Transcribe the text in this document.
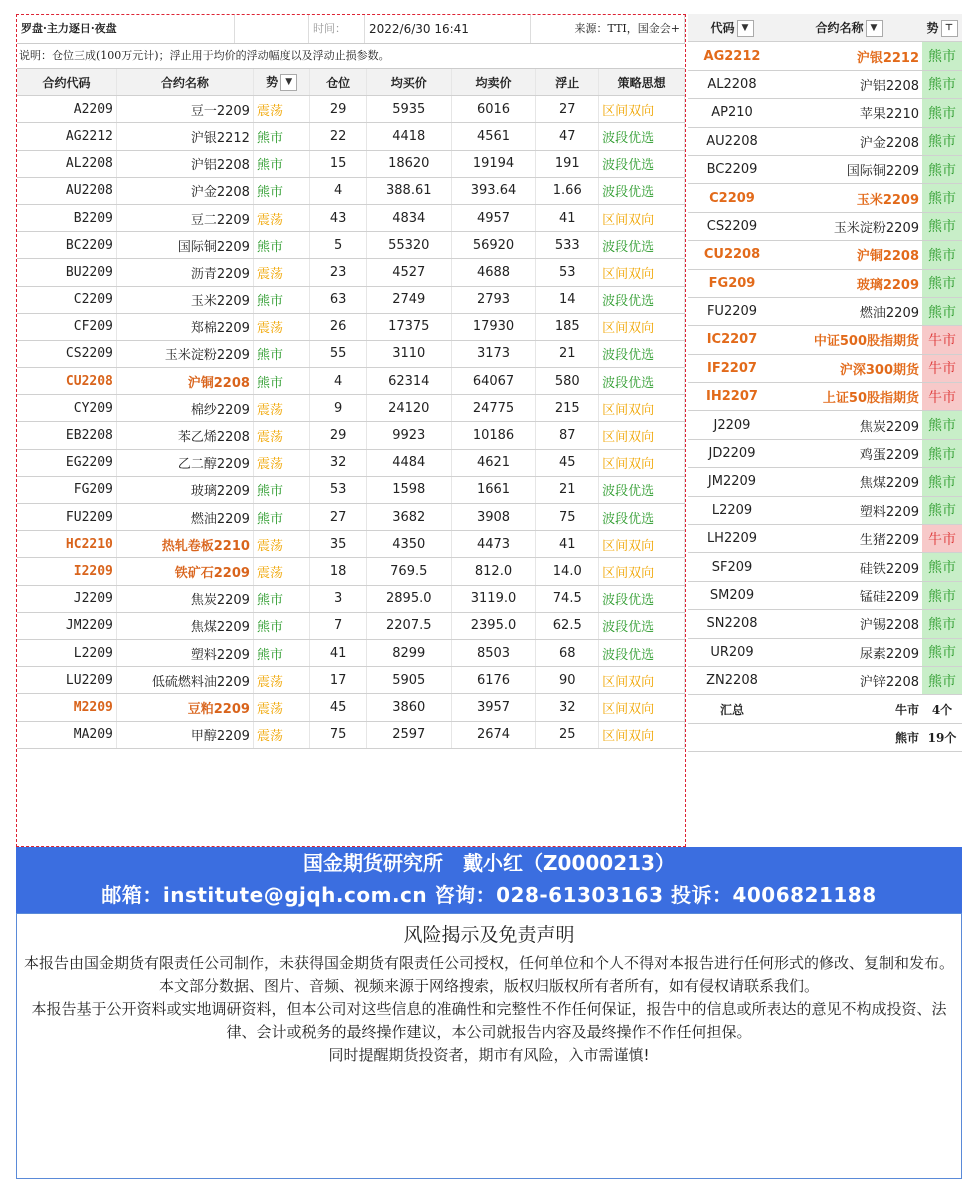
罗盘·主力逐日·夜盘	时间：	2022/6/30 16:41	来源：TTI，国金会+
说明：仓位三成(100万元计)；浮止用于均价的浮动幅度以及浮动止损参数。
合约代码	合约名称	势 ▼	仓位	均买价	均卖价	浮止	策略思想
A2209	豆一2209	震荡	29	5935	6016	27	区间双向
AG2212	沪银2212	熊市	22	4418	4561	47	波段优选
AL2208	沪铝2208	熊市	15	18620	19194	191	波段优选
AU2208	沪金2208	熊市	4	388.61	393.64	1.66	波段优选
B2209	豆二2209	震荡	43	4834	4957	41	区间双向
BC2209	国际铜2209	熊市	5	55320	56920	533	波段优选
BU2209	沥青2209	震荡	23	4527	4688	53	区间双向
C2209	玉米2209	熊市	63	2749	2793	14	波段优选
CF209	郑棉2209	震荡	26	17375	17930	185	区间双向
CS2209	玉米淀粉2209	熊市	55	3110	3173	21	波段优选
CU2208	沪铜2208	熊市	4	62314	64067	580	波段优选
CY209	棉纱2209	震荡	9	24120	24775	215	区间双向
EB2208	苯乙烯2208	震荡	29	9923	10186	87	区间双向
EG2209	乙二醇2209	震荡	32	4484	4621	45	区间双向
FG209	玻璃2209	熊市	53	1598	1661	21	波段优选
FU2209	燃油2209	熊市	27	3682	3908	75	波段优选
HC2210	热轧卷板2210	震荡	35	4350	4473	41	区间双向
I2209	铁矿石2209	震荡	18	769.5	812.0	14.0	区间双向
J2209	焦炭2209	熊市	3	2895.0	3119.0	74.5	波段优选
JM2209	焦煤2209	熊市	7	2207.5	2395.0	62.5	波段优选
L2209	塑料2209	熊市	41	8299	8503	68	波段优选
LU2209	低硫燃料油2209	震荡	17	5905	6176	90	区间双向
M2209	豆粕2209	震荡	45	3860	3957	32	区间双向
MA209	甲醇2209	震荡	75	2597	2674	25	区间双向
代码 ▼	合约名称 ▼	势 ⊤
AG2212	沪银2212	熊市
AL2208	沪铝2208	熊市
AP210	苹果2210	熊市
AU2208	沪金2208	熊市
BC2209	国际铜2209	熊市
C2209	玉米2209	熊市
CS2209	玉米淀粉2209	熊市
CU2208	沪铜2208	熊市
FG209	玻璃2209	熊市
FU2209	燃油2209	熊市
IC2207	中证500股指期货	牛市
IF2207	沪深300期货	牛市
IH2207	上证50股指期货	牛市
J2209	焦炭2209	熊市
JD2209	鸡蛋2209	熊市
JM2209	焦煤2209	熊市
L2209	塑料2209	熊市
LH2209	生猪2209	牛市
SF209	硅铁2209	熊市
SM209	锰硅2209	熊市
SN2208	沪锡2208	熊市
UR209	尿素2209	熊市
ZN2208	沪锌2208	熊市
汇总	牛市	4个
	熊市	19个
国金期货研究所　戴小红（Z0000213）
邮箱：institute@gjqh.com.cn 咨询：028-61303163 投诉：4006821188
风险揭示及免责声明

本报告由国金期货有限责任公司制作，未获得国金期货有限责任公司授权，任何单位和个人不得对本报告进行任何形式的修改、复制和发布。本文部分数据、图片、音频、视频来源于网络搜索，版权归版权所有者所有，如有侵权请联系我们。

本报告基于公开资料或实地调研资料，但本公司对这些信息的准确性和完整性不作任何保证，报告中的信息或所表达的意见不构成投资、法律、会计或税务的最终操作建议，本公司就报告内容及最终操作不作任何担保。

同时提醒期货投资者，期市有风险，入市需谨慎!
